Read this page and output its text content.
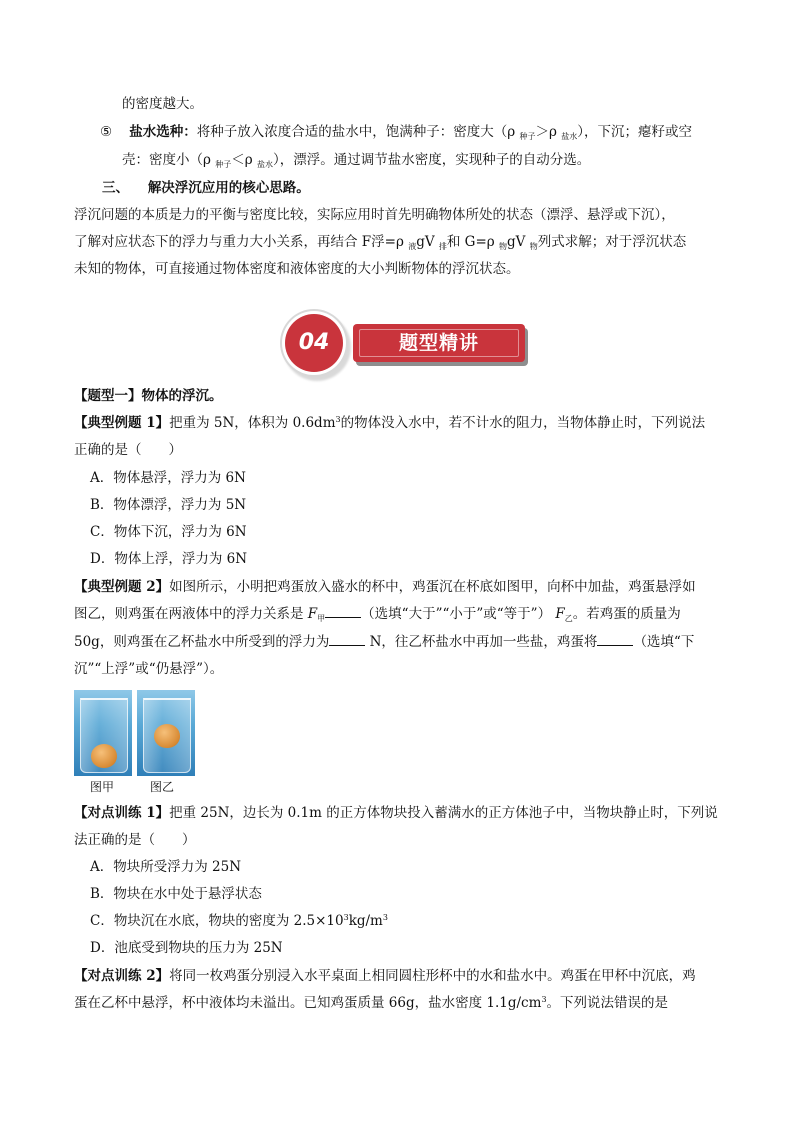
的密度越大。
⑤ 盐水选种：将种子放入浓度合适的盐水中，饱满种子：密度大（ρ $_{种子}$＞ρ $_{盐水}$），下沉；瘪籽或空
壳：密度小（ρ $_{种子}$＜ρ $_{盐水}$），漂浮。通过调节盐水密度，实现种子的自动分选。
三、 解决浮沉应用的核心思路。
浮沉问题的本质是力的平衡与密度比较，实际应用时首先明确物体所处的状态（漂浮、悬浮或下沉），
了解对应状态下的浮力与重力大小关系，再结合 F浮=ρ $_液$gV $_排$和 G=ρ $_物$gV $_物$列式求解；对于浮沉状态
未知的物体，可直接通过物体密度和液体密度的大小判断物体的浮沉状态。
题型精讲
04
【题型一】物体的浮沉。
【典型例题 1】把重为 5N，体积为 $0.6dm^3$的物体没入水中，若不计水的阻力，当物体静止时，下列说法
正确的是（　　）
A．物体悬浮，浮力为 6N
B．物体漂浮，浮力为 5N
C．物体下沉，浮力为 6N
D．物体上浮，浮力为 6N
【典型例题 2】如图所示，小明把鸡蛋放入盛水的杯中，鸡蛋沉在杯底如图甲，向杯中加盐，鸡蛋悬浮如
图乙，则鸡蛋在两液体中的浮力关系是 $F_甲$	（选填“大于”“小于”或“等于”） $F_乙$。若鸡蛋的质量为
50g，则鸡蛋在乙杯盐水中所受到的浮力为	N，往乙杯盐水中再加一些盐，鸡蛋将	（选填“下
沉”“上浮”或“仍悬浮”）。
图甲	图乙
【对点训练 1】把重 25N，边长为 0.1m 的正方体物块投入蓄满水的正方体池子中，当物块静止时，下列说
法正确的是（　　）
A．物块所受浮力为 25N
B．物块在水中处于悬浮状态
C．物块沉在水底，物块的密度为 $2.5\times 10^3kg/m^3$
D．池底受到物块的压力为 25N
【对点训练 2】将同一枚鸡蛋分别浸入水平桌面上相同圆柱形杯中的水和盐水中。鸡蛋在甲杯中沉底，鸡
蛋在乙杯中悬浮，杯中液体均未溢出。已知鸡蛋质量 66g，盐水密度 $1.1g/cm^3$。下列说法错误的是
